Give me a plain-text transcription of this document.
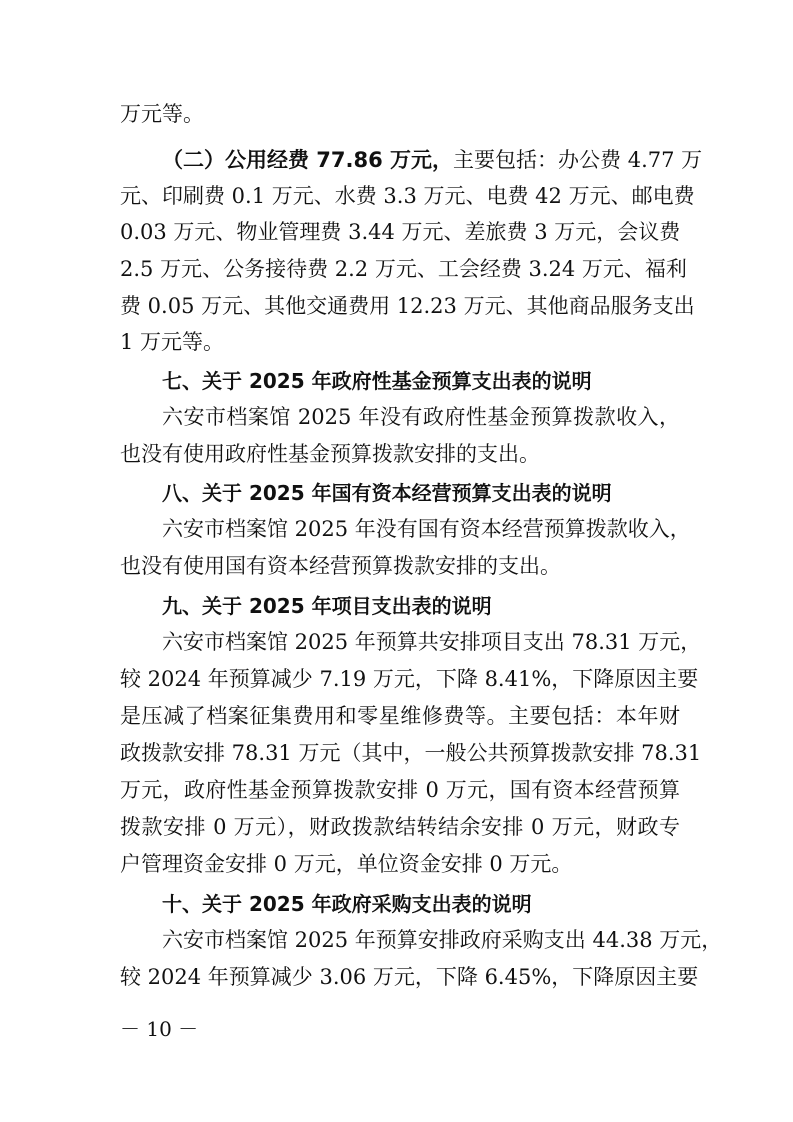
万元等。
（二）公用经费 77.86 万元，主要包括：办公费 4.77 万
元、印刷费 0.1 万元、水费 3.3 万元、电费 42 万元、邮电费
0.03 万元、物业管理费 3.44 万元、差旅费 3 万元，会议费
2.5 万元、公务接待费 2.2 万元、工会经费 3.24 万元、福利
费 0.05 万元、其他交通费用 12.23 万元、其他商品服务支出
1 万元等。
七、关于 2025 年政府性基金预算支出表的说明
六安市档案馆 2025 年没有政府性基金预算拨款收入，
也没有使用政府性基金预算拨款安排的支出。
八、关于 2025 年国有资本经营预算支出表的说明
六安市档案馆 2025 年没有国有资本经营预算拨款收入，
也没有使用国有资本经营预算拨款安排的支出。
九、关于 2025 年项目支出表的说明
六安市档案馆 2025 年预算共安排项目支出 78.31 万元，
较 2024 年预算减少 7.19 万元，下降 8.41%，下降原因主要
是压减了档案征集费用和零星维修费等。主要包括：本年财
政拨款安排 78.31 万元（其中，一般公共预算拨款安排 78.31
万元，政府性基金预算拨款安排 0 万元，国有资本经营预算
拨款安排 0 万元），财政拨款结转结余安排 0 万元，财政专
户管理资金安排 0 万元，单位资金安排 0 万元。
十、关于 2025 年政府采购支出表的说明
六安市档案馆 2025 年预算安排政府采购支出 44.38 万元，
较 2024 年预算减少 3.06 万元，下降 6.45%，下降原因主要
－ 10 －
